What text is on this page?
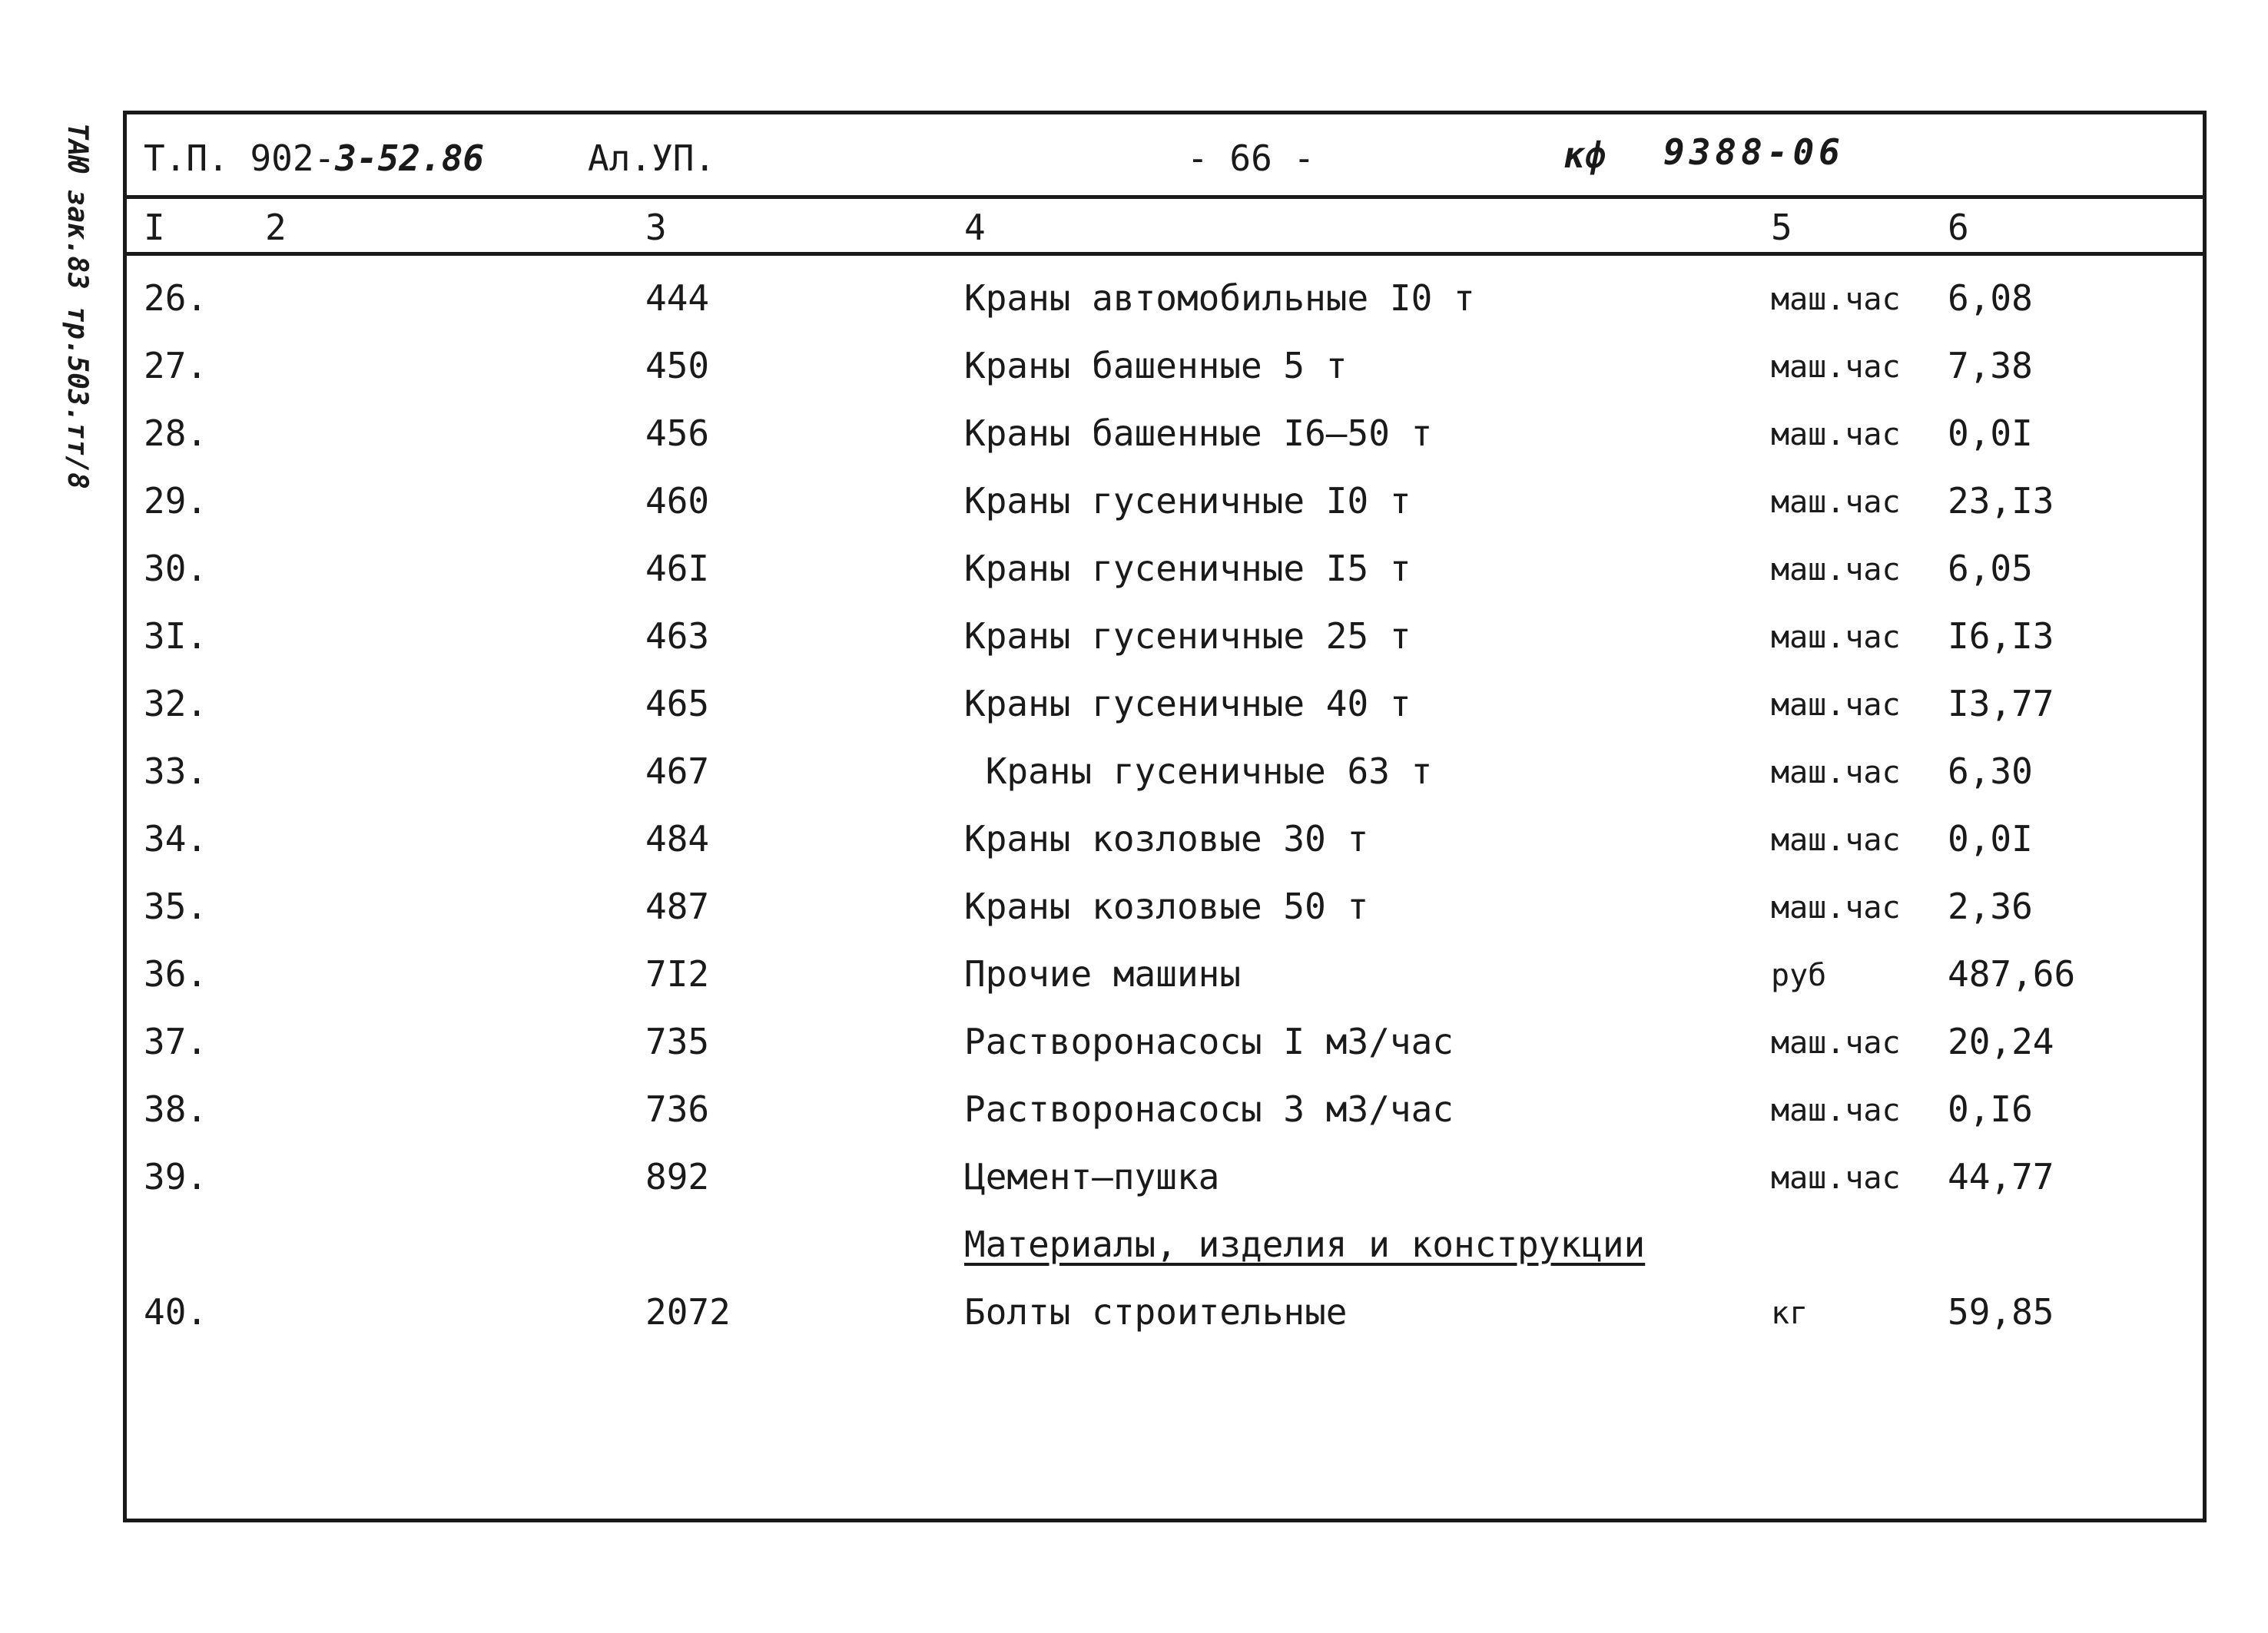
ТАЮ зак.83 тр.503.тт/8 Т.П. 902-3-52.86	Ал.УП.	- 66 -	кф 9388-06
I	2	3	4	5	6
26.	444	Краны автомобильные I0 т	маш.час 6,08
27.	450	Краны башенные 5 т	маш.час 7,38
28.	456	Краны башенные I6–50 т	маш.час 0,0I
29.	460	Краны гусеничные I0 т	маш.час 23,I3
30.	46I	Краны гусеничные I5 т	маш.час 6,05
3I.	463	Краны гусеничные 25 т	маш.час I6,I3
32.	465	Краны гусеничные 40 т	маш.час I3,77
33.	467	Краны гусеничные 63 т	маш.час 6,30
34.	484	Краны козловые 30 т	маш.час 0,0I
35.	487	Краны козловые 50 т	маш.час 2,36
36.	7I2	Прочие машины	руб	487,66
37.	735	Растворонасосы I м3/час	маш.час 20,24
38.	736	Растворонасосы 3 м3/час	маш.час 0,I6
39.	892	Цемент–пушка	маш.час 44,77
Материалы, изделия и конструкции
40.	2072	Болты строительные	кг	59,85
